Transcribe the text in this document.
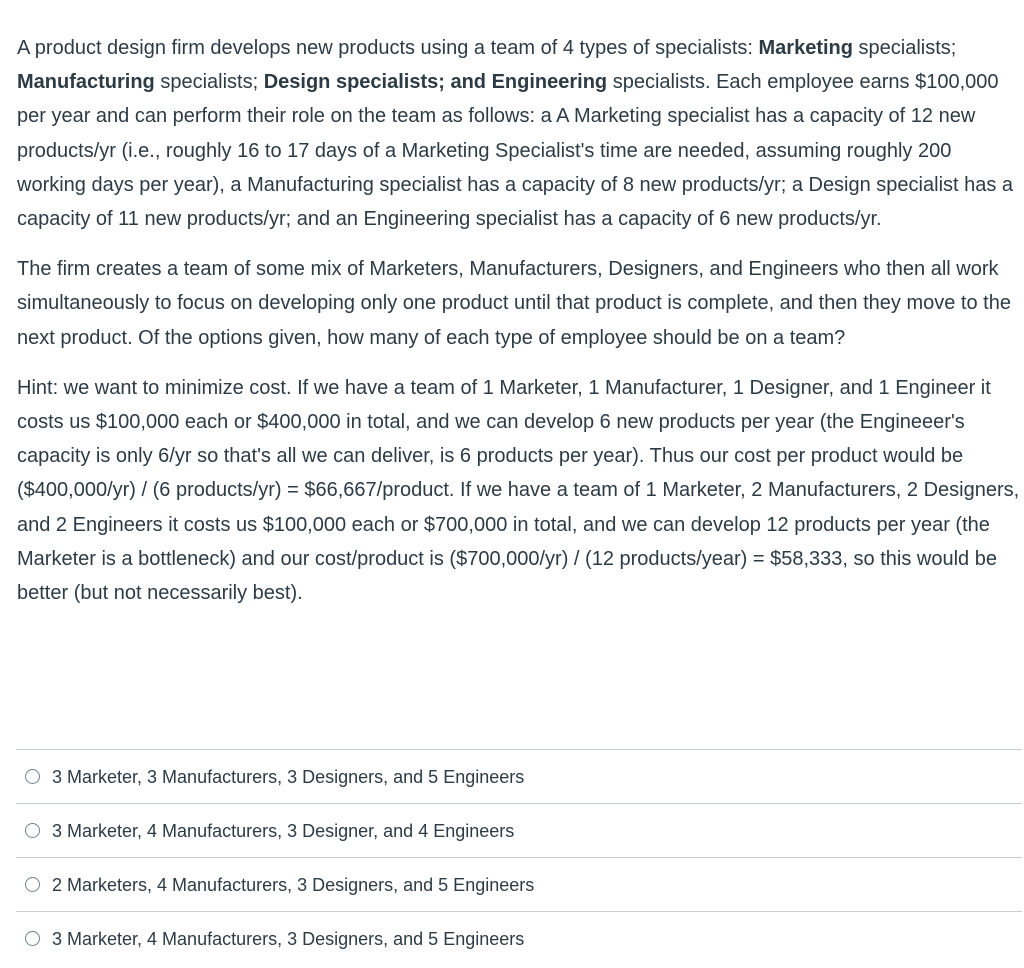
A product design firm develops new products using a team of 4 types of specialists: Marketing specialists; Manufacturing specialists; Design specialists; and Engineering specialists. Each employee earns $100,000 per year and can perform their role on the team as follows: a A Marketing specialist has a capacity of 12 new products/yr (i.e., roughly 16 to 17 days of a Marketing Specialist's time are needed, assuming roughly 200 working days per year), a Manufacturing specialist has a capacity of 8 new products/yr; a Design specialist has a capacity of 11 new products/yr; and an Engineering specialist has a capacity of 6 new products/yr.

The firm creates a team of some mix of Marketers, Manufacturers, Designers, and Engineers who then all work simultaneously to focus on developing only one product until that product is complete, and then they move to the next product. Of the options given, how many of each type of employee should be on a team?

Hint: we want to minimize cost. If we have a team of 1 Marketer, 1 Manufacturer, 1 Designer, and 1 Engineer it costs us $100,000 each or $400,000 in total, and we can develop 6 new products per year (the Engineeer's capacity is only 6/yr so that's all we can deliver, is 6 products per year). Thus our cost per product would be ($400,000/yr) / (6 products/yr) = $66,667/product. If we have a team of 1 Marketer, 2 Manufacturers, 2 Designers, and 2 Engineers it costs us $100,000 each or $700,000 in total, and we can develop 12 products per year (the Marketer is a bottleneck) and our cost/product is ($700,000/yr) / (12 products/year) = $58,333, so this would be better (but not necessarily best).

3 Marketer, 3 Manufacturers, 3 Designers, and 5 Engineers
3 Marketer, 4 Manufacturers, 3 Designer, and 4 Engineers
2 Marketers, 4 Manufacturers, 3 Designers, and 5 Engineers
3 Marketer, 4 Manufacturers, 3 Designers, and 5 Engineers
